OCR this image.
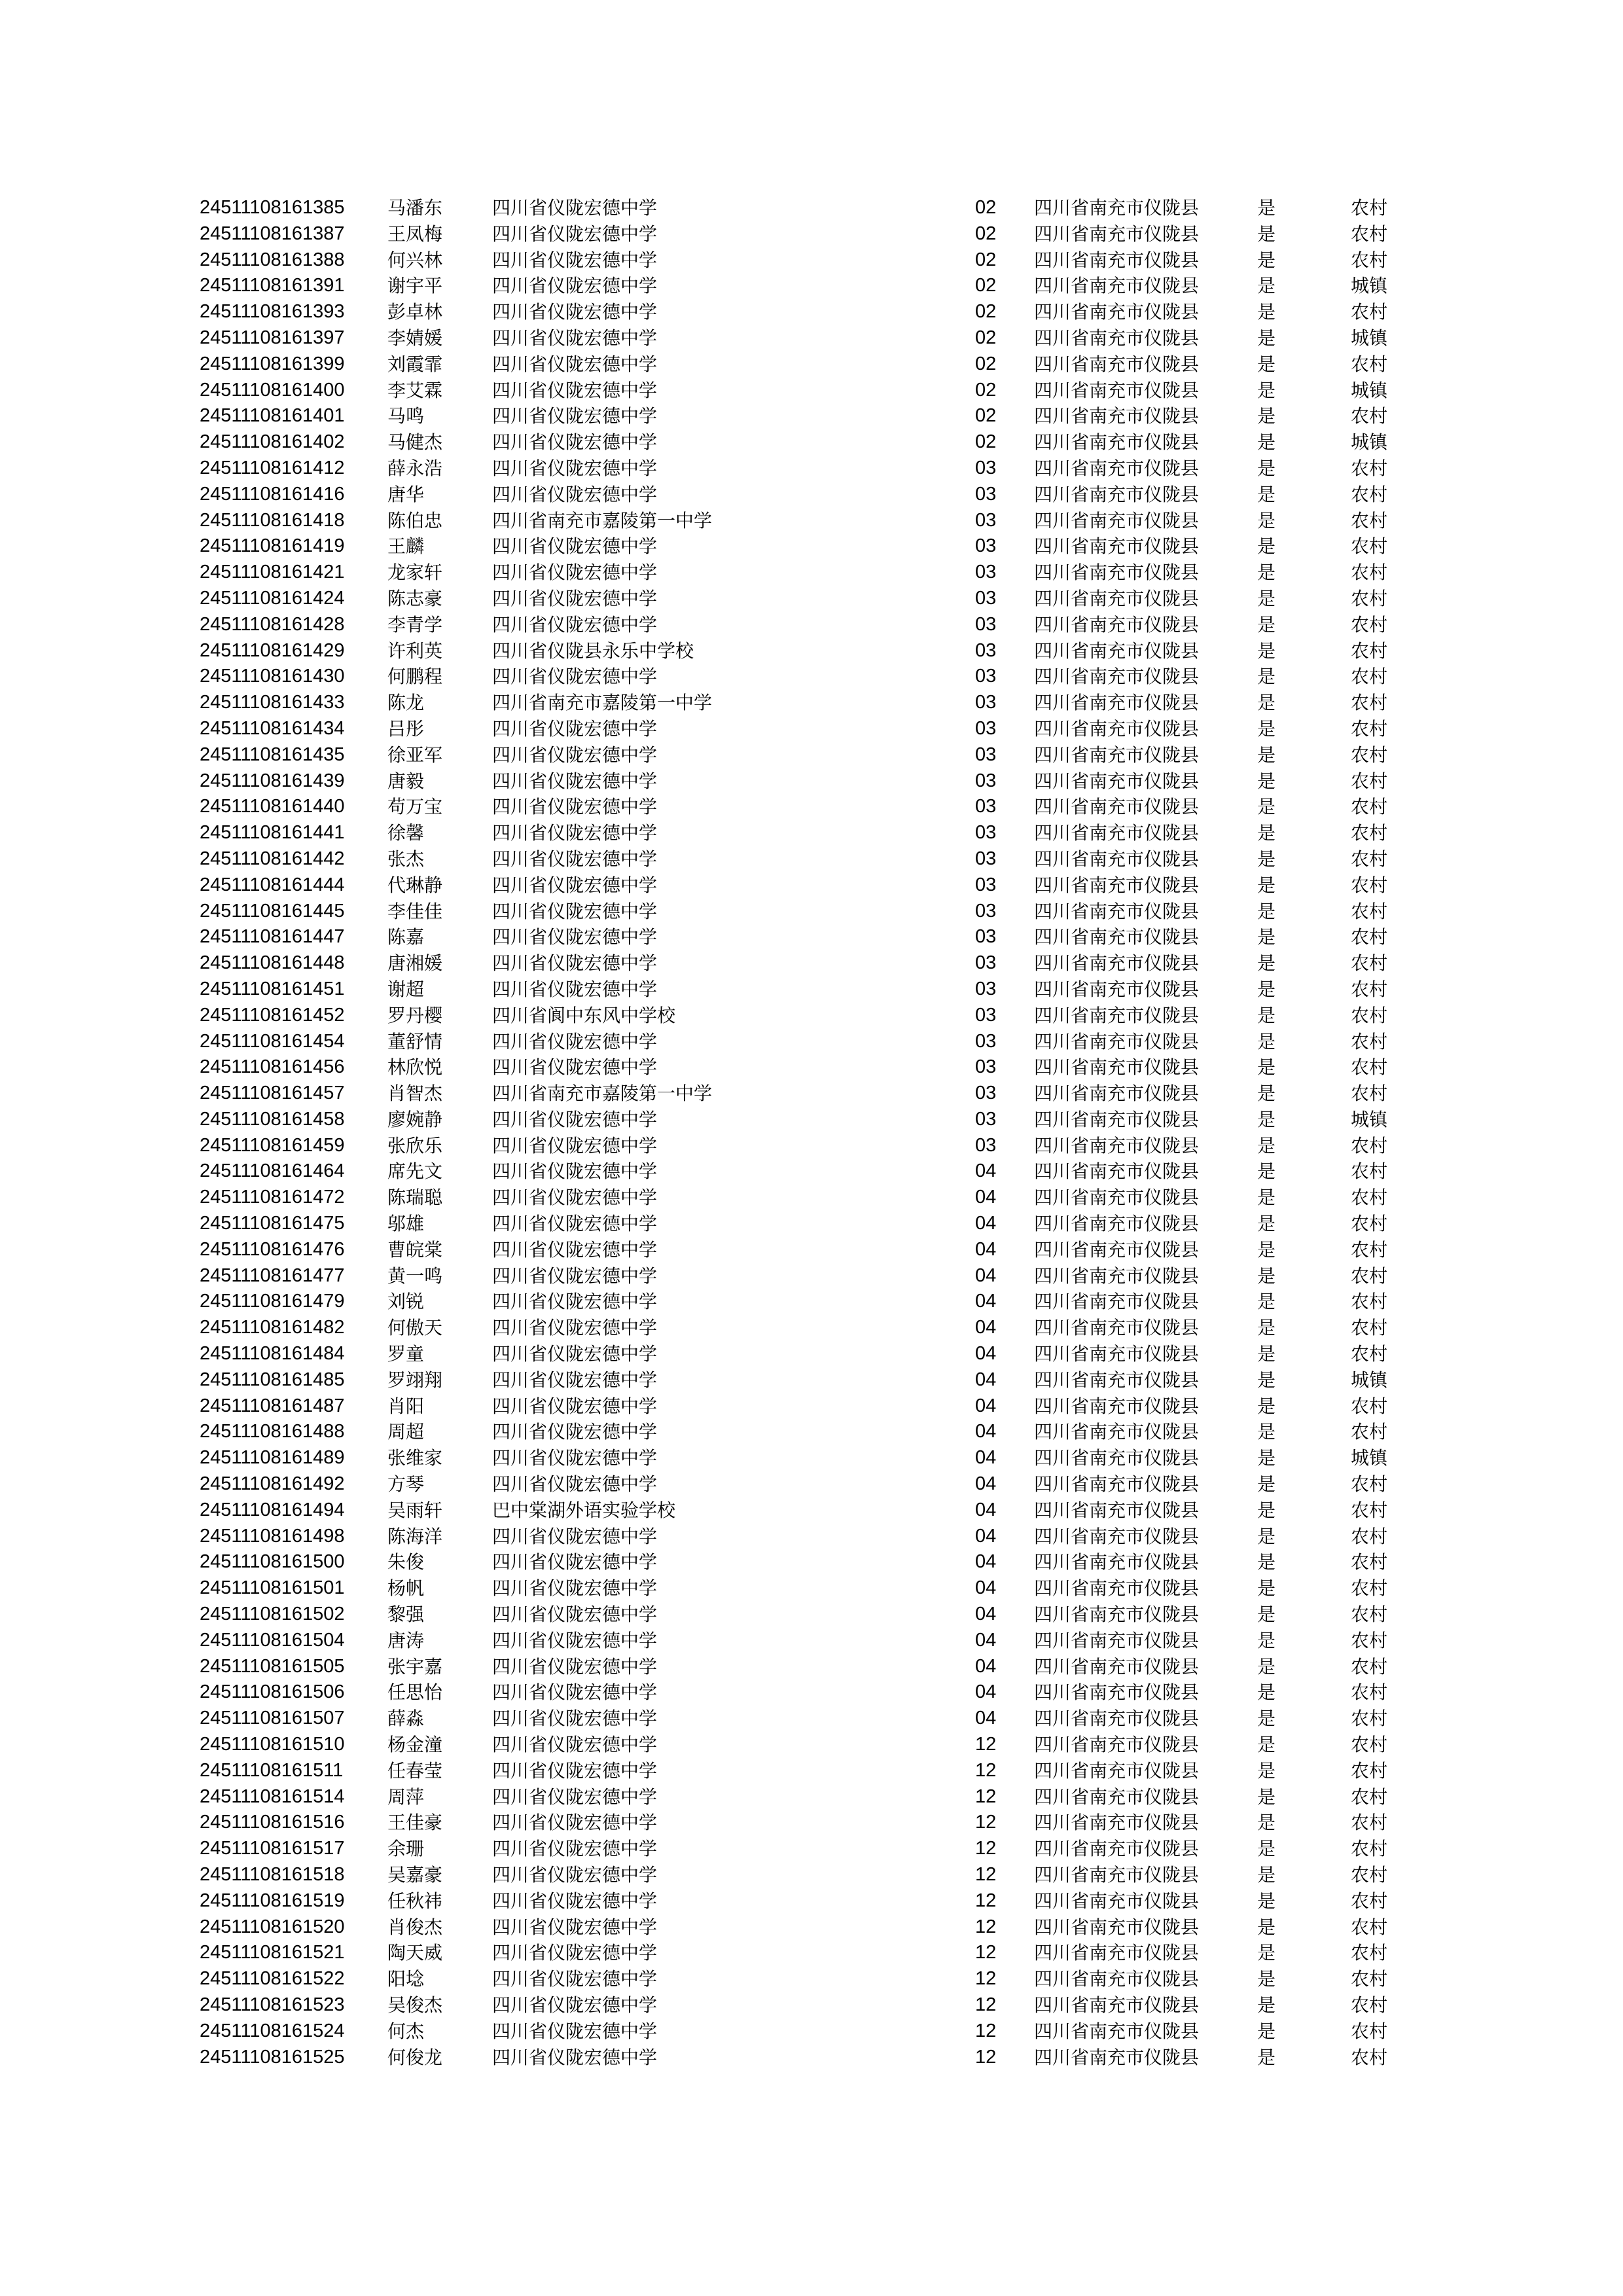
24511108161385 马潘东	四川省仪陇宏德中学	02 四川省南充市仪陇县	是	农村
24511108161387 王凤梅	四川省仪陇宏德中学	02 四川省南充市仪陇县	是	农村
24511108161388 何兴林	四川省仪陇宏德中学	02 四川省南充市仪陇县	是	农村
24511108161391 谢宇平	四川省仪陇宏德中学	02 四川省南充市仪陇县	是	城镇
24511108161393 彭卓林	四川省仪陇宏德中学	02 四川省南充市仪陇县	是	农村
24511108161397 李婧媛	四川省仪陇宏德中学	02 四川省南充市仪陇县	是	城镇
24511108161399 刘霞霏	四川省仪陇宏德中学	02 四川省南充市仪陇县	是	农村
24511108161400 李艾霖	四川省仪陇宏德中学	02 四川省南充市仪陇县	是	城镇
24511108161401 马鸣	四川省仪陇宏德中学	02 四川省南充市仪陇县	是	农村
24511108161402 马健杰	四川省仪陇宏德中学	02 四川省南充市仪陇县	是	城镇
24511108161412 薛永浩	四川省仪陇宏德中学	03 四川省南充市仪陇县	是	农村
24511108161416 唐华	四川省仪陇宏德中学	03 四川省南充市仪陇县	是	农村
24511108161418 陈伯忠	四川省南充市嘉陵第一中学	03 四川省南充市仪陇县	是	农村
24511108161419 王麟	四川省仪陇宏德中学	03 四川省南充市仪陇县	是	农村
24511108161421 龙家轩	四川省仪陇宏德中学	03 四川省南充市仪陇县	是	农村
24511108161424 陈志豪	四川省仪陇宏德中学	03 四川省南充市仪陇县	是	农村
24511108161428 李青学	四川省仪陇宏德中学	03 四川省南充市仪陇县	是	农村
24511108161429 许利英	四川省仪陇县永乐中学校	03 四川省南充市仪陇县	是	农村
24511108161430 何鹏程	四川省仪陇宏德中学	03 四川省南充市仪陇县	是	农村
24511108161433 陈龙	四川省南充市嘉陵第一中学	03 四川省南充市仪陇县	是	农村
24511108161434 吕彤	四川省仪陇宏德中学	03 四川省南充市仪陇县	是	农村
24511108161435 徐亚军	四川省仪陇宏德中学	03 四川省南充市仪陇县	是	农村
24511108161439 唐毅	四川省仪陇宏德中学	03 四川省南充市仪陇县	是	农村
24511108161440 苟万宝	四川省仪陇宏德中学	03 四川省南充市仪陇县	是	农村
24511108161441 徐馨	四川省仪陇宏德中学	03 四川省南充市仪陇县	是	农村
24511108161442 张杰	四川省仪陇宏德中学	03 四川省南充市仪陇县	是	农村
24511108161444 代琳静	四川省仪陇宏德中学	03 四川省南充市仪陇县	是	农村
24511108161445 李佳佳	四川省仪陇宏德中学	03 四川省南充市仪陇县	是	农村
24511108161447 陈嘉	四川省仪陇宏德中学	03 四川省南充市仪陇县	是	农村
24511108161448 唐湘媛	四川省仪陇宏德中学	03 四川省南充市仪陇县	是	农村
24511108161451 谢超	四川省仪陇宏德中学	03 四川省南充市仪陇县	是	农村
24511108161452 罗丹樱	四川省阆中东风中学校	03 四川省南充市仪陇县	是	农村
24511108161454 董舒情	四川省仪陇宏德中学	03 四川省南充市仪陇县	是	农村
24511108161456 林欣悦	四川省仪陇宏德中学	03 四川省南充市仪陇县	是	农村
24511108161457 肖智杰	四川省南充市嘉陵第一中学	03 四川省南充市仪陇县	是	农村
24511108161458 廖婉静	四川省仪陇宏德中学	03 四川省南充市仪陇县	是	城镇
24511108161459 张欣乐	四川省仪陇宏德中学	03 四川省南充市仪陇县	是	农村
24511108161464 席先文	四川省仪陇宏德中学	04 四川省南充市仪陇县	是	农村
24511108161472 陈瑞聪	四川省仪陇宏德中学	04 四川省南充市仪陇县	是	农村
24511108161475 邬雄	四川省仪陇宏德中学	04 四川省南充市仪陇县	是	农村
24511108161476 曹皖棠	四川省仪陇宏德中学	04 四川省南充市仪陇县	是	农村
24511108161477 黄一鸣	四川省仪陇宏德中学	04 四川省南充市仪陇县	是	农村
24511108161479 刘锐	四川省仪陇宏德中学	04 四川省南充市仪陇县	是	农村
24511108161482 何傲天	四川省仪陇宏德中学	04 四川省南充市仪陇县	是	农村
24511108161484 罗童	四川省仪陇宏德中学	04 四川省南充市仪陇县	是	农村
24511108161485 罗翊翔	四川省仪陇宏德中学	04 四川省南充市仪陇县	是	城镇
24511108161487 肖阳	四川省仪陇宏德中学	04 四川省南充市仪陇县	是	农村
24511108161488 周超	四川省仪陇宏德中学	04 四川省南充市仪陇县	是	农村
24511108161489 张维家	四川省仪陇宏德中学	04 四川省南充市仪陇县	是	城镇
24511108161492 方琴	四川省仪陇宏德中学	04 四川省南充市仪陇县	是	农村
24511108161494 吴雨轩	巴中棠湖外语实验学校	04 四川省南充市仪陇县	是	农村
24511108161498 陈海洋	四川省仪陇宏德中学	04 四川省南充市仪陇县	是	农村
24511108161500 朱俊	四川省仪陇宏德中学	04 四川省南充市仪陇县	是	农村
24511108161501 杨帆	四川省仪陇宏德中学	04 四川省南充市仪陇县	是	农村
24511108161502 黎强	四川省仪陇宏德中学	04 四川省南充市仪陇县	是	农村
24511108161504 唐涛	四川省仪陇宏德中学	04 四川省南充市仪陇县	是	农村
24511108161505 张宇嘉	四川省仪陇宏德中学	04 四川省南充市仪陇县	是	农村
24511108161506 任思怡	四川省仪陇宏德中学	04 四川省南充市仪陇县	是	农村
24511108161507 薛淼	四川省仪陇宏德中学	04 四川省南充市仪陇县	是	农村
24511108161510 杨金潼	四川省仪陇宏德中学	12 四川省南充市仪陇县	是	农村
24511108161511 任春莹	四川省仪陇宏德中学	12 四川省南充市仪陇县	是	农村
24511108161514 周萍	四川省仪陇宏德中学	12 四川省南充市仪陇县	是	农村
24511108161516 王佳豪	四川省仪陇宏德中学	12 四川省南充市仪陇县	是	农村
24511108161517 余珊	四川省仪陇宏德中学	12 四川省南充市仪陇县	是	农村
24511108161518 吴嘉豪	四川省仪陇宏德中学	12 四川省南充市仪陇县	是	农村
24511108161519 任秋祎	四川省仪陇宏德中学	12 四川省南充市仪陇县	是	农村
24511108161520 肖俊杰	四川省仪陇宏德中学	12 四川省南充市仪陇县	是	农村
24511108161521 陶天威	四川省仪陇宏德中学	12 四川省南充市仪陇县	是	农村
24511108161522 阳埝	四川省仪陇宏德中学	12 四川省南充市仪陇县	是	农村
24511108161523 吴俊杰	四川省仪陇宏德中学	12 四川省南充市仪陇县	是	农村
24511108161524 何杰	四川省仪陇宏德中学	12 四川省南充市仪陇县	是	农村
24511108161525 何俊龙	四川省仪陇宏德中学	12 四川省南充市仪陇县	是	农村
